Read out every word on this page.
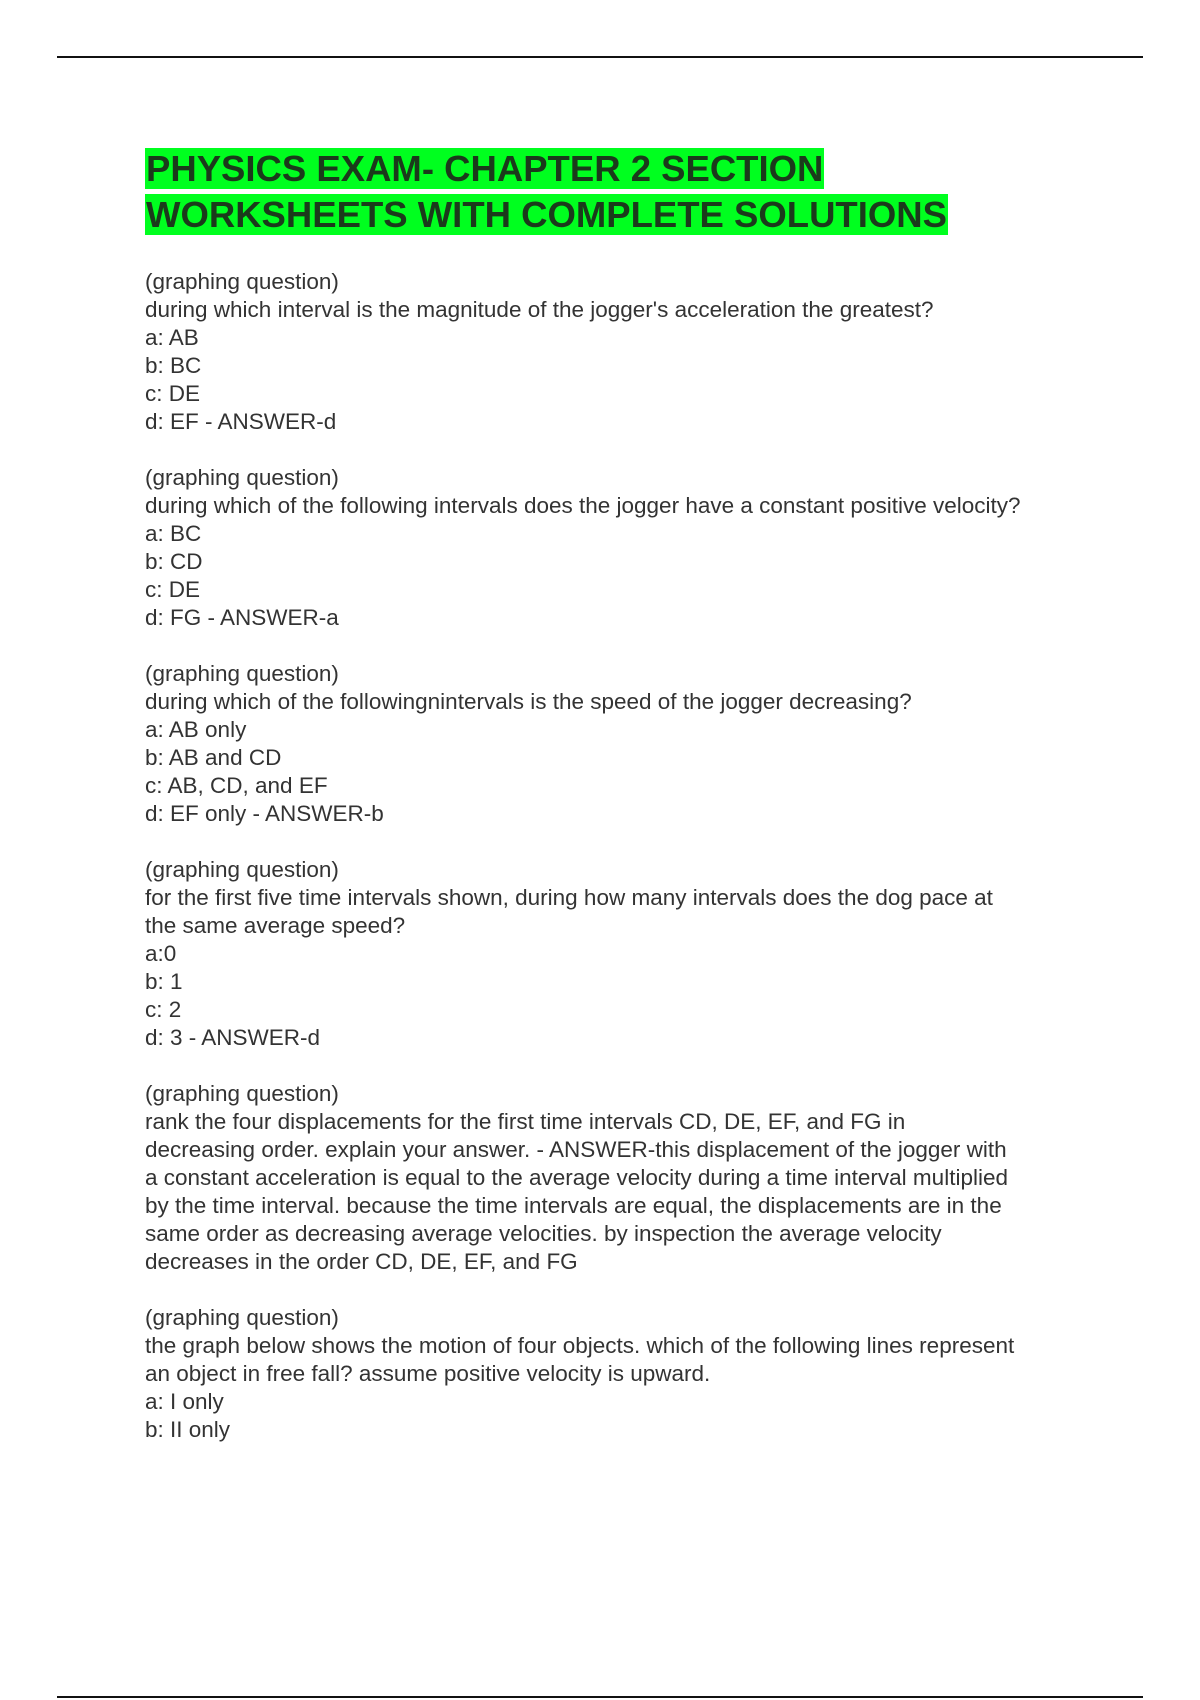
PHYSICS EXAM- CHAPTER 2 SECTION
WORKSHEETS WITH COMPLETE SOLUTIONS
(graphing question)
during which interval is the magnitude of the jogger's acceleration the greatest?
a: AB
b: BC
c: DE
d: EF - ANSWER-d
(graphing question)
during which of the following intervals does the jogger have a constant positive velocity?
a: BC
b: CD
c: DE
d: FG - ANSWER-a
(graphing question)
during which of the followingnintervals is the speed of the jogger decreasing?
a: AB only
b: AB and CD
c: AB, CD, and EF
d: EF only - ANSWER-b
(graphing question)
for the first five time intervals shown, during how many intervals does the dog pace at
the same average speed?
a:0
b: 1
c: 2
d: 3 - ANSWER-d
(graphing question)
rank the four displacements for the first time intervals CD, DE, EF, and FG in
decreasing order. explain your answer. - ANSWER-this displacement of the jogger with
a constant acceleration is equal to the average velocity during a time interval multiplied
by the time interval. because the time intervals are equal, the displacements are in the
same order as decreasing average velocities. by inspection the average velocity
decreases in the order CD, DE, EF, and FG
(graphing question)
the graph below shows the motion of four objects. which of the following lines represent
an object in free fall? assume positive velocity is upward.
a: I only
b: II only
